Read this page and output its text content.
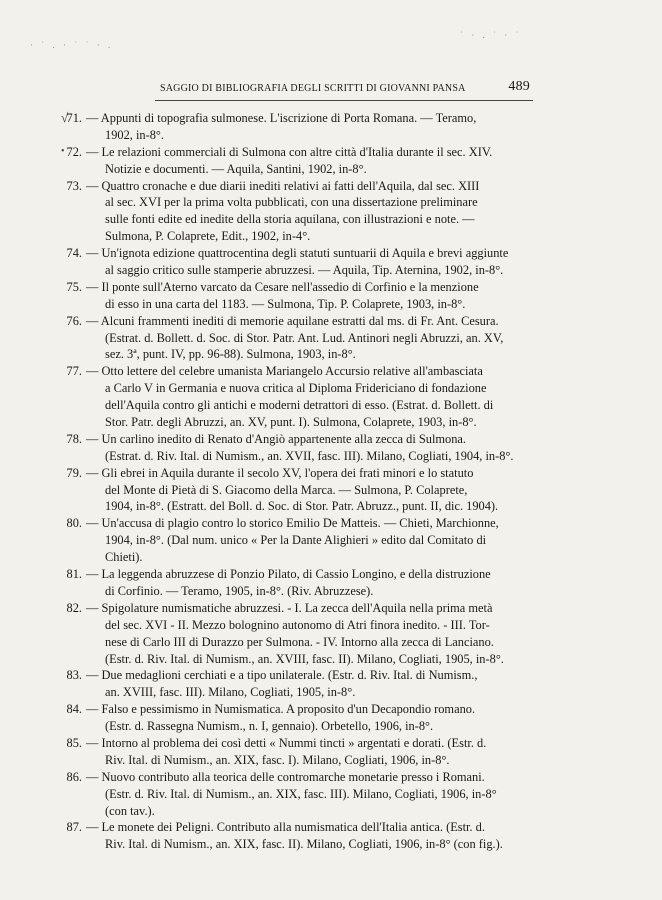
· ˙ . · ˙ ˙ · .
˙ · . ˙ · ˙
SAGGIO DI BIBLIOGRAFIA DEGLI SCRITTI DI GIOVANNI PANSA	489
√
71. — Appunti di topografia sulmonese. L'iscrizione di Porta Romana. — Teramo,
1902, in-8°.
• 72. — Le relazioni commerciali di Sulmona con altre città d'Italia durante il sec. XIV.
Notizie e documenti. — Aquila, Santini, 1902, in-8°.
73. — Quattro cronache e due diarii inediti relativi ai fatti dell'Aquila, dal sec. XIII
al sec. XVI per la prima volta pubblicati, con una dissertazione preliminare
sulle fonti edite ed inedite della storia aquilana, con illustrazioni e note. —
Sulmona, P. Colaprete, Edit., 1902, in-4°.
74. — Un'ignota edizione quattrocentina degli statuti suntuarii di Aquila e brevi aggiunte
al saggio critico sulle stamperie abruzzesi. — Aquila, Tip. Aternina, 1902, in-8°.
75. — Il ponte sull'Aterno varcato da Cesare nell'assedio di Corfinio e la menzione
di esso in una carta del 1183. — Sulmona, Tip. P. Colaprete, 1903, in-8°.
76. — Alcuni frammenti inediti di memorie aquilane estratti dal ms. di Fr. Ant. Cesura.
(Estrat. d. Bollett. d. Soc. di Stor. Patr. Ant. Lud. Antinori negli Abruzzi, an. XV,
sez. 3ª, punt. IV, pp. 96-88). Sulmona, 1903, in-8°.
77. — Otto lettere del celebre umanista Mariangelo Accursio relative all'ambasciata
a Carlo V in Germania e nuova critica al Diploma Fridericiano di fondazione
dell'Aquila contro gli antichi e moderni detrattori di esso. (Estrat. d. Bollett. di
Stor. Patr. degli Abruzzi, an. XV, punt. I). Sulmona, Colaprete, 1903, in-8°.
78. — Un carlino inedito di Renato d'Angiò appartenente alla zecca di Sulmona.
(Estrat. d. Riv. Ital. di Numism., an. XVII, fasc. III). Milano, Cogliati, 1904, in-8°.
79. — Gli ebrei in Aquila durante il secolo XV, l'opera dei frati minori e lo statuto
del Monte di Pietà di S. Giacomo della Marca. — Sulmona, P. Colaprete,
1904, in-8°. (Estratt. del Boll. d. Soc. di Stor. Patr. Abruzz., punt. II, dic. 1904).
80. — Un'accusa di plagio contro lo storico Emilio De Matteis. — Chieti, Marchionne,
1904, in-8°. (Dal num. unico « Per la Dante Alighieri » edito dal Comitato di
Chieti).
81. — La leggenda abruzzese di Ponzio Pilato, di Cassio Longino, e della distruzione
di Corfinio. — Teramo, 1905, in-8°. (Riv. Abruzzese).
82. — Spigolature numismatiche abruzzesi. - I. La zecca dell'Aquila nella prima metà
del sec. XVI - II. Mezzo bolognino autonomo di Atri finora inedito. - III. Tor-
nese di Carlo III di Durazzo per Sulmona. - IV. Intorno alla zecca di Lanciano.
(Estr. d. Riv. Ital. di Numism., an. XVIII, fasc. II). Milano, Cogliati, 1905, in-8°.
83. — Due medaglioni cerchiati e a tipo unilaterale. (Estr. d. Riv. Ital. di Numism.,
an. XVIII, fasc. III). Milano, Cogliati, 1905, in-8°.
84. — Falso e pessimismo in Numismatica. A proposito d'un Decapondio romano.
(Estr. d. Rassegna Numism., n. I, gennaio). Orbetello, 1906, in-8°.
85. — Intorno al problema dei così detti « Nummi tincti » argentati e dorati. (Estr. d.
Riv. Ital. di Numism., an. XIX, fasc. I). Milano, Cogliati, 1906, in-8°.
86. — Nuovo contributo alla teorica delle contromarche monetarie presso i Romani.
(Estr. d. Riv. Ital. di Numism., an. XIX, fasc. III). Milano, Cogliati, 1906, in-8°
(con tav.).
87. — Le monete dei Peligni. Contributo alla numismatica dell'Italia antica. (Estr. d.
Riv. Ital. di Numism., an. XIX, fasc. II). Milano, Cogliati, 1906, in-8° (con fig.).
